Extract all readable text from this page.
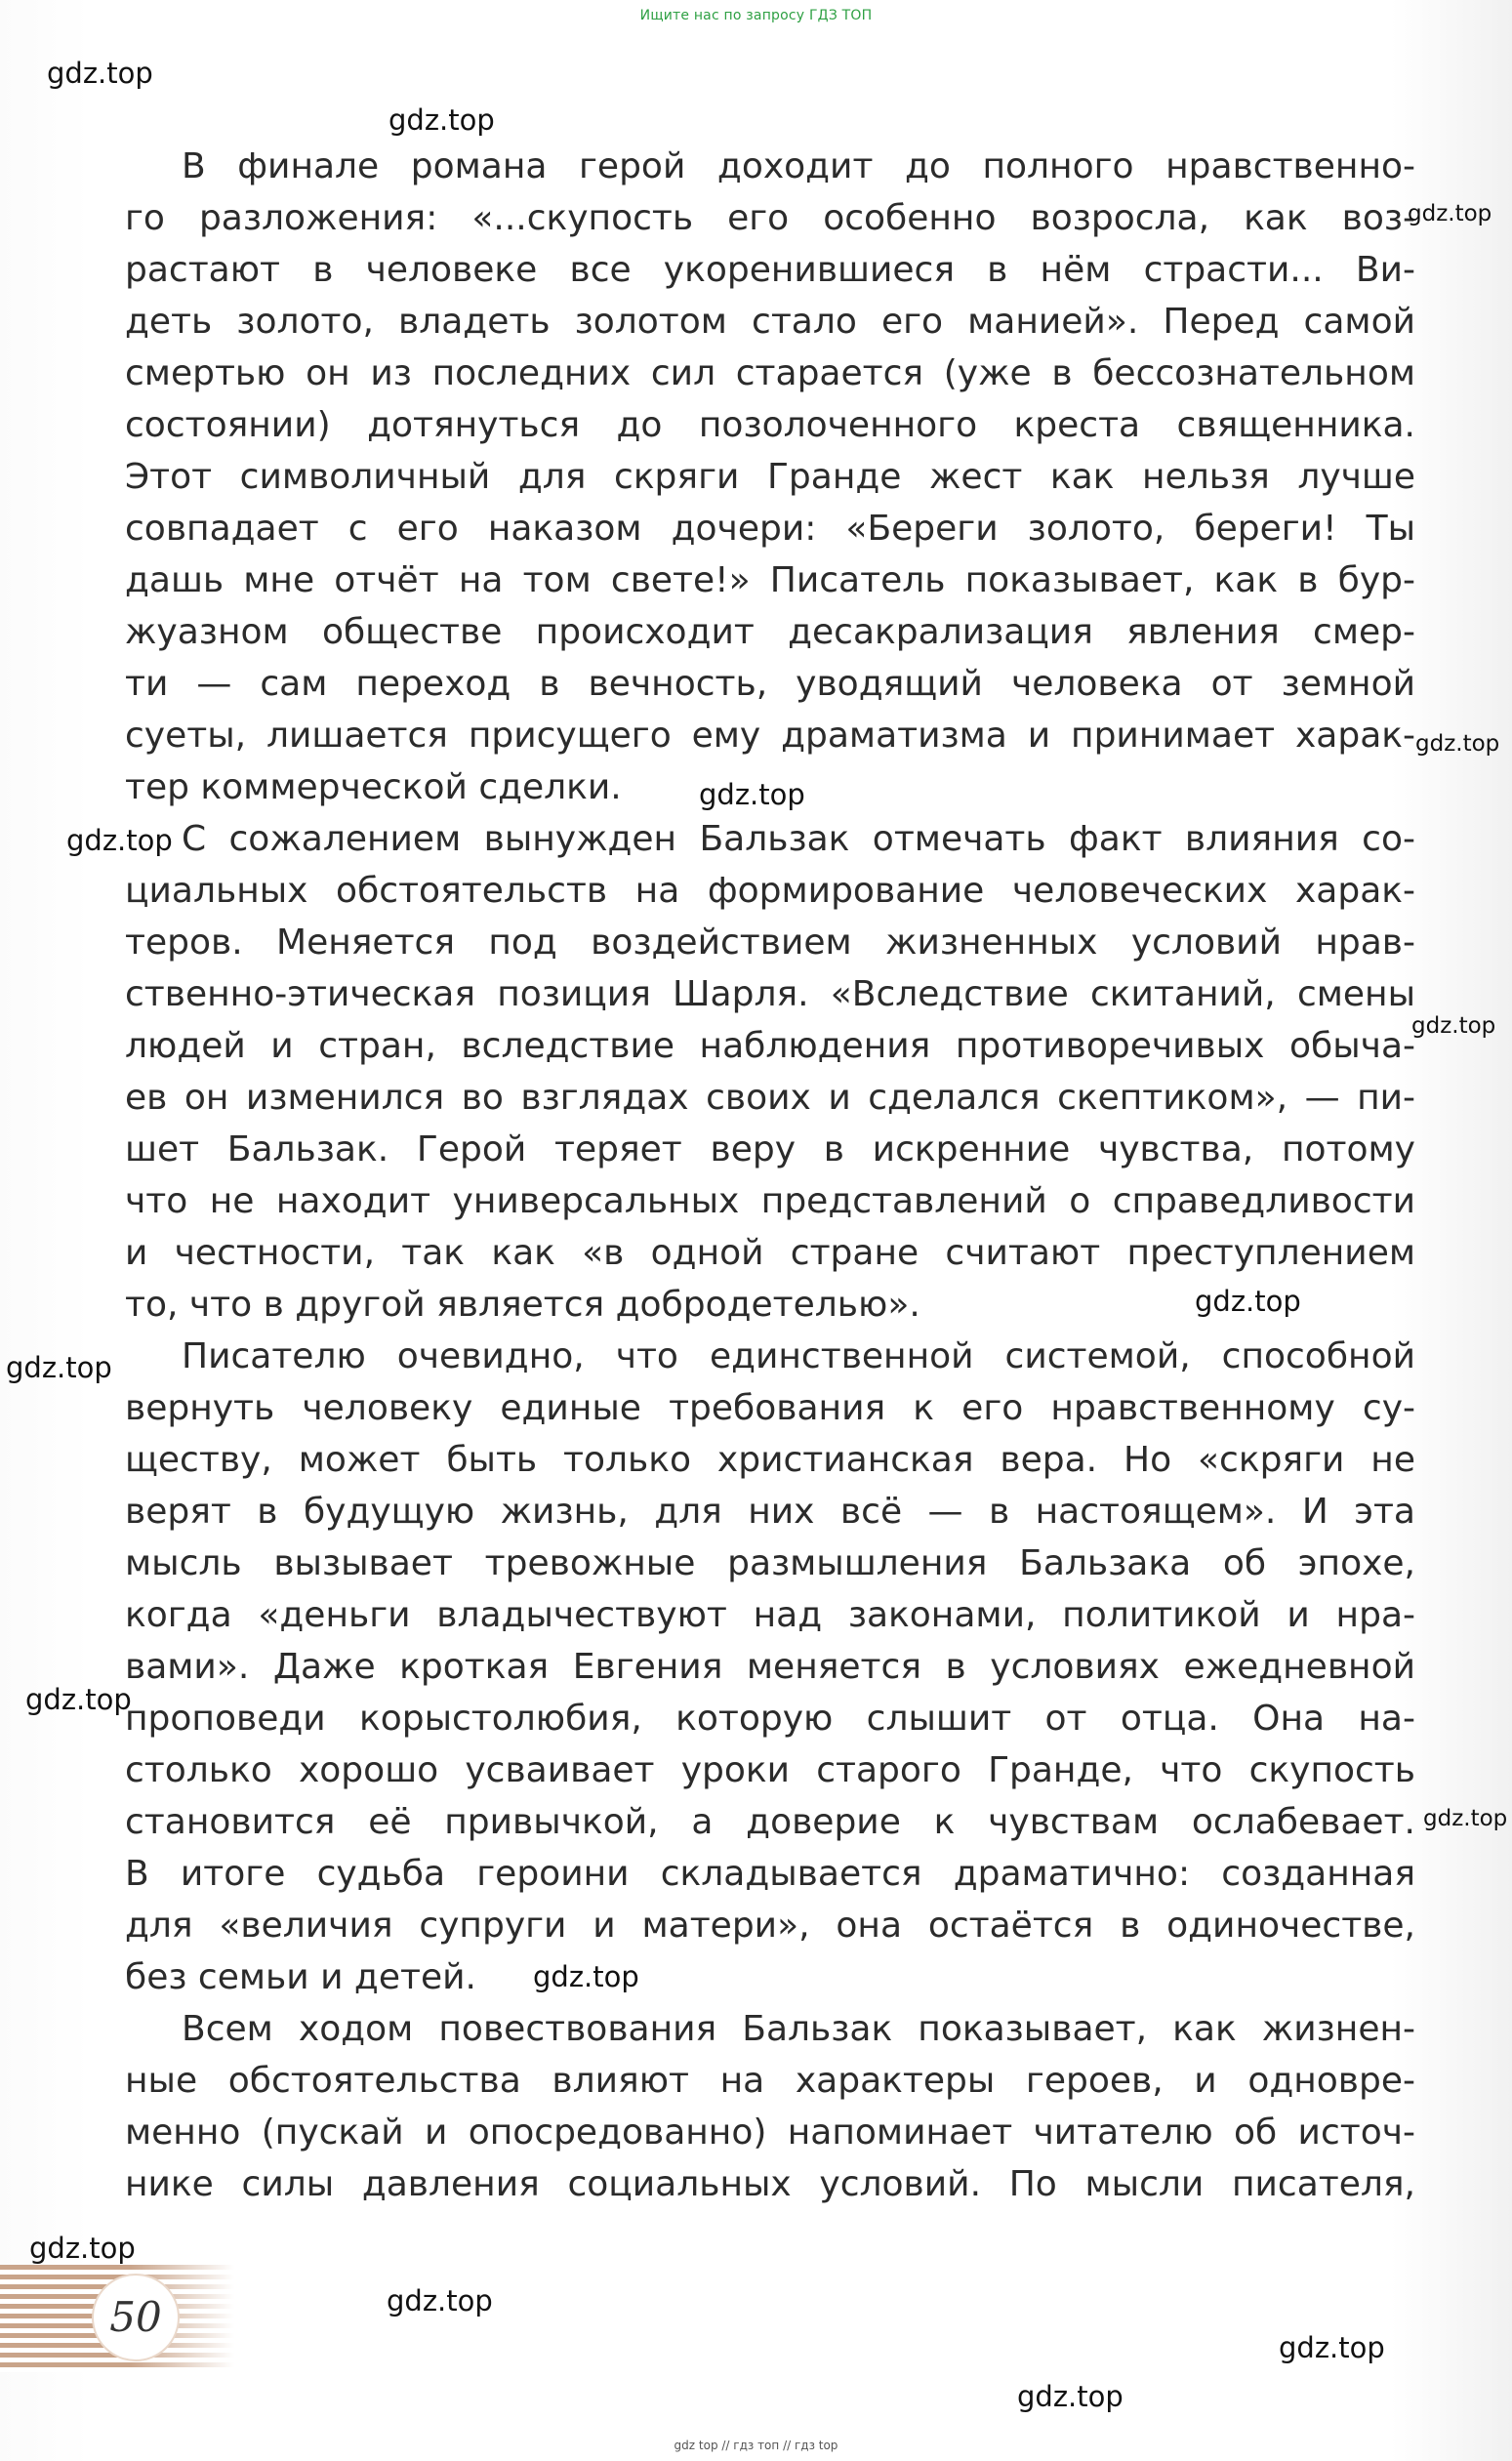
Ищите нас по запросу ГДЗ ТОП
В финале романа герой доходит до полного нравственно-
го разложения: «...скупость его особенно возросла, как воз-
растают в человеке все укоренившиеся в нём страсти... Ви-
деть золото, владеть золотом стало его манией». Перед самой
смертью он из последних сил старается (уже в бессознательном
состоянии) дотянуться до позолоченного креста священника.
Этот символичный для скряги Гранде жест как нельзя лучше
совпадает с его наказом дочери: «Береги золото, береги! Ты
дашь мне отчёт на том свете!» Писатель показывает, как в бур-
жуазном обществе происходит десакрализация явления смер-
ти — сам переход в вечность, уводящий человека от земной
суеты, лишается присущего ему драматизма и принимает харак-
тер коммерческой сделки.
С сожалением вынужден Бальзак отмечать факт влияния со-
циальных обстоятельств на формирование человеческих харак-
теров. Меняется под воздействием жизненных условий нрав-
ственно-этическая позиция Шарля. «Вследствие скитаний, смены
людей и стран, вследствие наблюдения противоречивых обыча-
ев он изменился во взглядах своих и сделался скептиком», — пи-
шет Бальзак. Герой теряет веру в искренние чувства, потому
что не находит универсальных представлений о справедливости
и честности, так как «в одной стране считают преступлением
то, что в другой является добродетелью».
Писателю очевидно, что единственной системой, способной
вернуть человеку единые требования к его нравственному су-
ществу, может быть только христианская вера. Но «скряги не
верят в будущую жизнь, для них всё — в настоящем». И эта
мысль вызывает тревожные размышления Бальзака об эпохе,
когда «деньги владычествуют над законами, политикой и нра-
вами». Даже кроткая Евгения меняется в условиях ежедневной
проповеди корыстолюбия, которую слышит от отца. Она на-
столько хорошо усваивает уроки старого Гранде, что скупость
становится её привычкой, а доверие к чувствам ослабевает.
В итоге судьба героини складывается драматично: созданная
для «величия супруги и матери», она остаётся в одиночестве,
без семьи и детей.
Всем ходом повествования Бальзак показывает, как жизнен-
ные обстоятельства влияют на характеры героев, и одновре-
менно (пускай и опосредованно) напоминает читателю об источ-
нике силы давления социальных условий. По мысли писателя,
gdz.top
gdz.top
gdz.top
gdz.top
gdz.top
gdz.top
gdz.top
gdz.top
gdz.top
gdz.top
gdz.top
gdz.top
gdz.top
gdz.top
gdz.top
gdz.top
50
gdz top // гдз топ // гдз top
